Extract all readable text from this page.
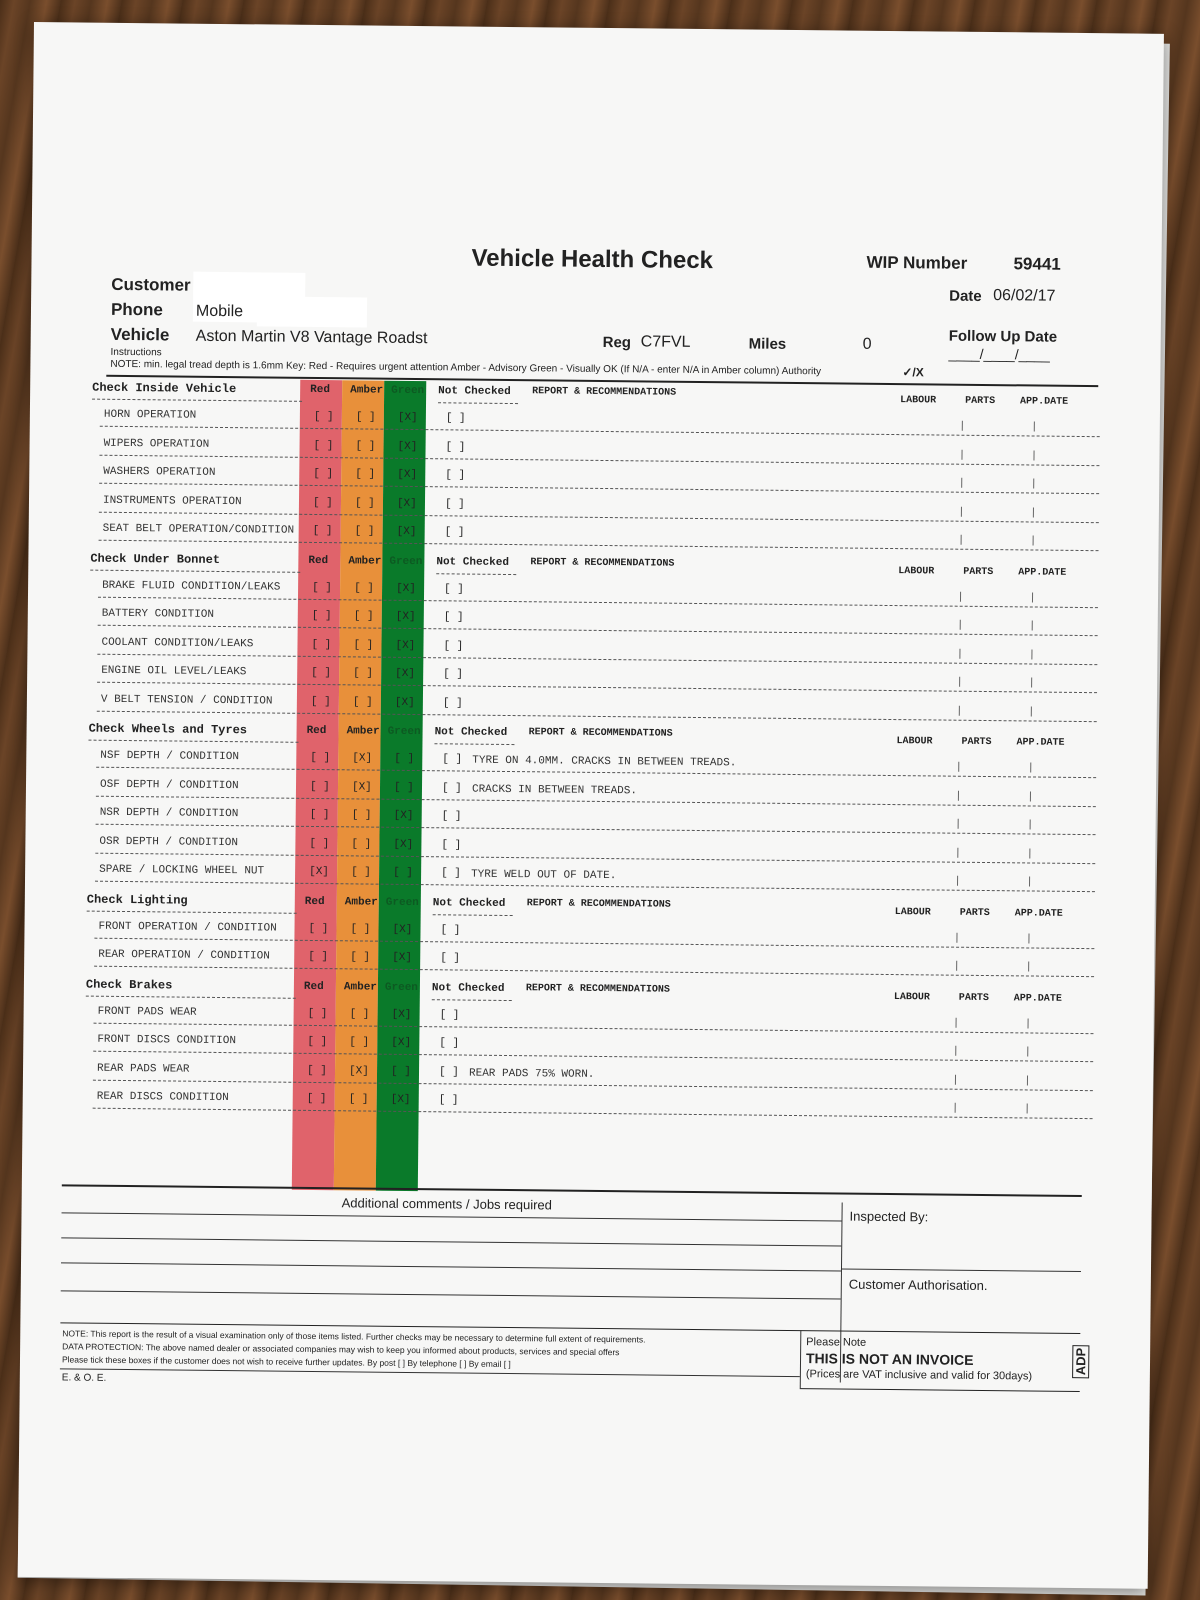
Vehicle Health Check	WIP Number	59441
Date 06/02/17
Follow Up Date
____/____/____
Customer
Phone Mobile
Vehicle Aston Martin V8 Vantage Roadst	Reg C7FVL	Miles	0
Instructions
NOTE: min. legal tread depth is 1.6mm Key: Red - Requires urgent attention Amber - Advisory Green - Visually OK (If N/A - enter N/A in Amber column) Authority	✓/X
Check Inside Vehicle	Red Amber Green Not Checked REPORT & RECOMMENDATIONS
LABOUR	PARTS APP.DATE
HORN OPERATION	[ ] [ ] [X]	[ ]
WIPERS OPERATION	[ ] [ ] [X]	[ ]
WASHERS OPERATION	[ ] [ ] [X]	[ ]
INSTRUMENTS OPERATION	[ ] [ ] [X]	[ ]
SEAT BELT OPERATION/CONDITION [ ] [ ] [X]	[ ]
Check Under Bonnet	Red Amber Green Not Checked REPORT & RECOMMENDATIONS
LABOUR	PARTS APP.DATE
BRAKE FLUID CONDITION/LEAKS	[ ] [ ] [X]	[ ]
BATTERY CONDITION	[ ] [ ] [X]	[ ]
COOLANT CONDITION/LEAKS	[ ] [ ] [X]	[ ]
ENGINE OIL LEVEL/LEAKS	[ ] [ ] [X]	[ ]
V BELT TENSION / CONDITION	[ ] [ ] [X]	[ ]
Check Wheels and Tyres	Red Amber Green Not Checked REPORT & RECOMMENDATIONS
LABOUR	PARTS APP.DATE
NSF DEPTH / CONDITION	[ ] [X] [ ]	[ ] TYRE ON 4.0MM. CRACKS IN BETWEEN TREADS.
OSF DEPTH / CONDITION	[ ] [X] [ ]	[ ] CRACKS IN BETWEEN TREADS.
NSR DEPTH / CONDITION	[ ] [ ] [X]	[ ]
OSR DEPTH / CONDITION	[ ] [ ] [X]	[ ]
SPARE / LOCKING WHEEL NUT	[X] [ ] [ ]	[ ] TYRE WELD OUT OF DATE.
Check Lighting	Red Amber Green Not Checked REPORT & RECOMMENDATIONS
LABOUR	PARTS APP.DATE
FRONT OPERATION / CONDITION	[ ] [ ] [X]	[ ]
REAR OPERATION / CONDITION	[ ] [ ] [X]	[ ]
Check Brakes	Red Amber Green Not Checked REPORT & RECOMMENDATIONS
LABOUR	PARTS APP.DATE
FRONT PADS WEAR	[ ] [ ] [X]	[ ]
FRONT DISCS CONDITION	[ ] [ ] [X]	[ ]
REAR PADS WEAR	[ ] [X] [ ]	[ ] REAR PADS 75% WORN.
REAR DISCS CONDITION	[ ] [ ] [X]	[ ]
Additional comments / Jobs required
Inspected By:
Customer Authorisation.
NOTE: This report is the result of a visual examination only of those items listed. Further checks may be necessary to determine full extent of requirements.
DATA PROTECTION: The above named dealer or associated companies may wish to keep you informed about products, services and special offers
Please tick these boxes if the customer does not wish to receive further updates. By post [ ] By telephone [ ] By email [ ]
E. & O. E.
Please Note
THIS IS NOT AN INVOICE
(Prices are VAT inclusive and valid for 30days)
ADP
